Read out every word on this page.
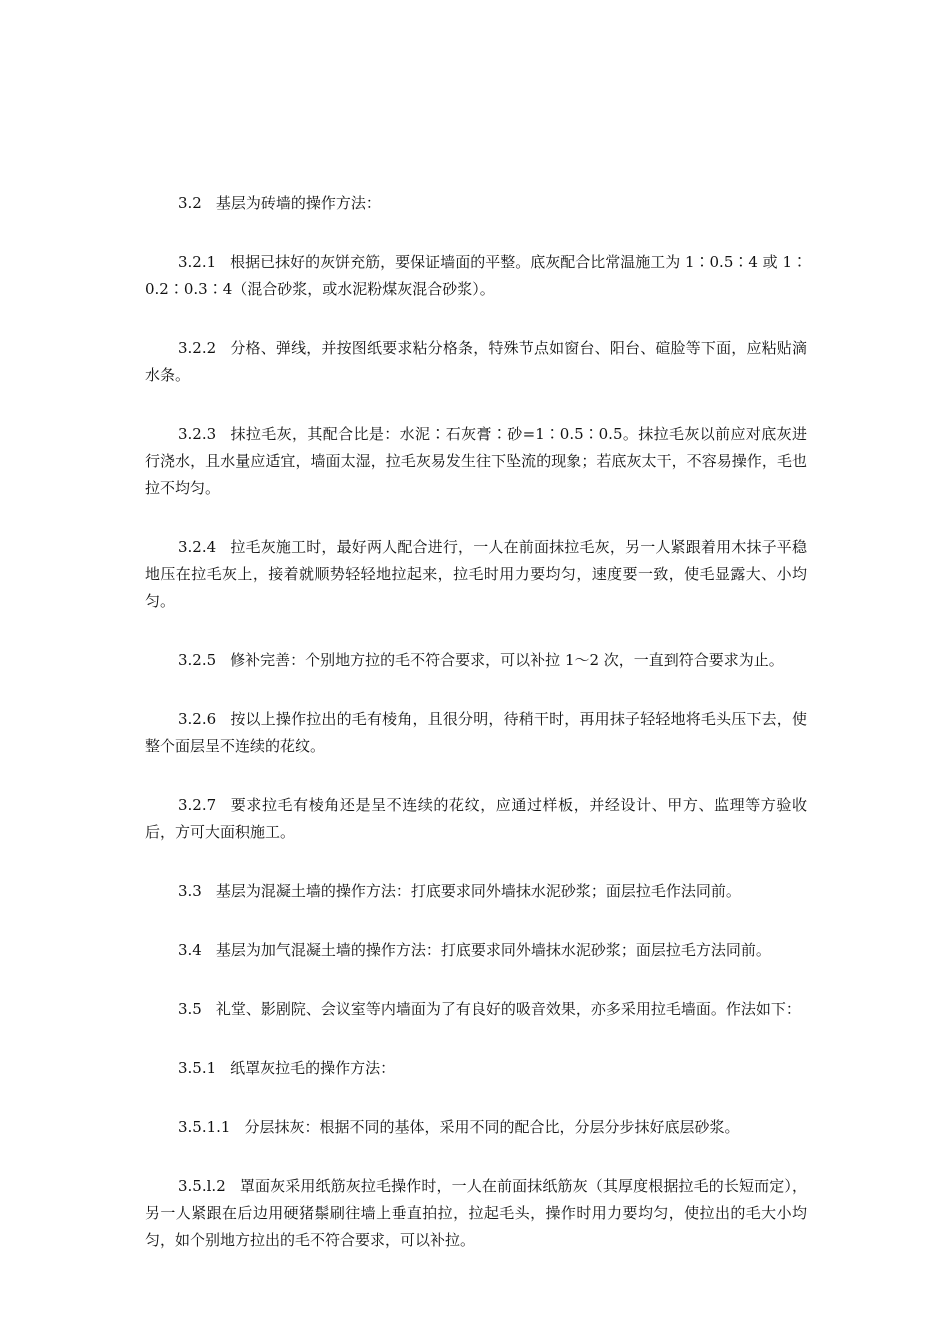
3.2 基层为砖墙的操作方法：

3.2.1 根据已抹好的灰饼充筋，要保证墙面的平整。底灰配合比常温施工为 1∶0.5∶4 或 1∶0.2∶0.3∶4（混合砂浆，或水泥粉煤灰混合砂浆）。

3.2.2 分格、弹线，并按图纸要求粘分格条，特殊节点如窗台、阳台、碹脸等下面，应粘贴滴水条。

3.2.3 抹拉毛灰，其配合比是：水泥∶石灰膏∶砂=1∶0.5∶0.5。抹拉毛灰以前应对底灰进行浇水，且水量应适宜，墙面太湿，拉毛灰易发生往下坠流的现象；若底灰太干，不容易操作，毛也拉不均匀。

3.2.4 拉毛灰施工时，最好两人配合进行，一人在前面抹拉毛灰，另一人紧跟着用木抹子平稳地压在拉毛灰上，接着就顺势轻轻地拉起来，拉毛时用力要均匀，速度要一致，使毛显露大、小均匀。

3.2.5 修补完善：个别地方拉的毛不符合要求，可以补拉 1～2 次，一直到符合要求为止。

3.2.6 按以上操作拉出的毛有棱角，且很分明，待稍干时，再用抹子轻轻地将毛头压下去，使整个面层呈不连续的花纹。

3.2.7 要求拉毛有棱角还是呈不连续的花纹，应通过样板，并经设计、甲方、监理等方验收后，方可大面积施工。

3.3 基层为混凝土墙的操作方法：打底要求同外墙抹水泥砂浆；面层拉毛作法同前。

3.4 基层为加气混凝土墙的操作方法：打底要求同外墙抹水泥砂浆；面层拉毛方法同前。

3.5 礼堂、影剧院、会议室等内墙面为了有良好的吸音效果，亦多采用拉毛墙面。作法如下：

3.5.1 纸罩灰拉毛的操作方法：

3.5.1.1 分层抹灰：根据不同的基体，采用不同的配合比，分层分步抹好底层砂浆。

3.5.l.2 罩面灰采用纸筋灰拉毛操作时，一人在前面抹纸筋灰（其厚度根据拉毛的长短而定），另一人紧跟在后边用硬猪鬃刷往墙上垂直拍拉，拉起毛头，操作时用力要均匀，使拉出的毛大小均匀，如个别地方拉出的毛不符合要求，可以补拉。
